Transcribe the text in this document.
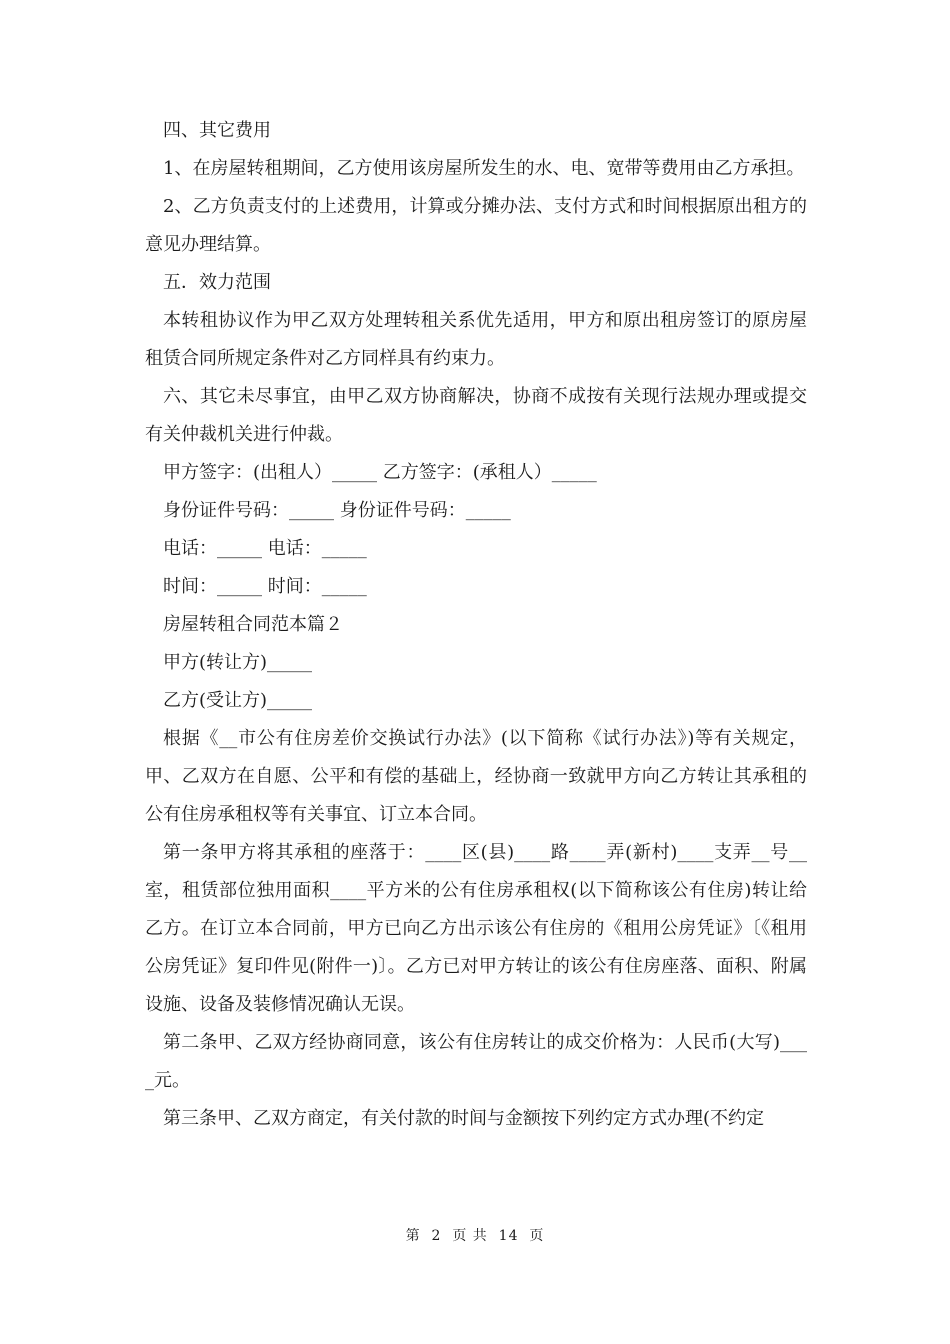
四、其它费用

1、在房屋转租期间，乙方使用该房屋所发生的水、电、宽带等费用由乙方承担。

2、乙方负责支付的上述费用，计算或分摊办法、支付方式和时间根据原出租方的意见办理结算。

五．效力范围

本转租协议作为甲乙双方处理转租关系优先适用，甲方和原出租房签订的原房屋租赁合同所规定条件对乙方同样具有约束力。

六、其它未尽事宜，由甲乙双方协商解决，协商不成按有关现行法规办理或提交有关仲裁机关进行仲裁。

甲方签字：(出租人）_____ 乙方签字：(承租人）_____

身份证件号码：_____ 身份证件号码：_____

电话：_____ 电话：_____

时间：_____ 时间：_____

房屋转租合同范本篇２

甲方(转让方)_____

乙方(受让方)_____

根据《__市公有住房差价交换试行办法》(以下简称《试行办法》)等有关规定，甲、乙双方在自愿、公平和有偿的基础上，经协商一致就甲方向乙方转让其承租的公有住房承租权等有关事宜、订立本合同。

第一条甲方将其承租的座落于：____区(县)____路____弄(新村)____支弄__号__室，租赁部位独用面积____平方米的公有住房承租权(以下简称该公有住房)转让给乙方。在订立本合同前，甲方已向乙方出示该公有住房的《租用公房凭证》〔《租用公房凭证》复印件见(附件一)〕。乙方已对甲方转让的该公有住房座落、面积、附属设施、设备及装修情况确认无误。

第二条甲、乙双方经协商同意，该公有住房转让的成交价格为：人民币(大写)____元。

第三条甲、乙双方商定，有关付款的时间与金额按下列约定方式办理(不约定

第  2  页 共  14  页
